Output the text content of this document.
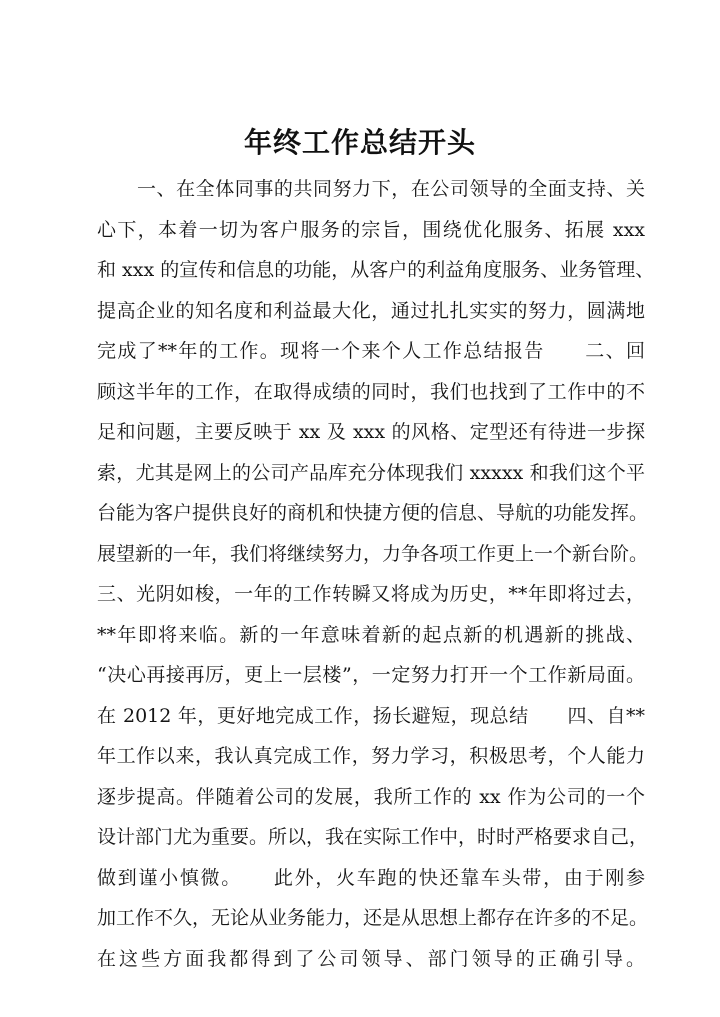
年终工作总结开头
一、在全体同事的共同努力下，在公司领导的全面支持、关
心下，本着一切为客户服务的宗旨，围绕优化服务、拓展 xxx
和 xxx 的宣传和信息的功能，从客户的利益角度服务、业务管理、
提高企业的知名度和利益最大化，通过扎扎实实的努力，圆满地
完成了**年的工作。现将一个来个人工作总结报告　　二、回
顾这半年的工作，在取得成绩的同时，我们也找到了工作中的不
足和问题，主要反映于 xx 及 xxx 的风格、定型还有待进一步探
索，尤其是网上的公司产品库充分体现我们 xxxxx 和我们这个平
台能为客户提供良好的商机和快捷方便的信息、导航的功能发挥。
展望新的一年，我们将继续努力，力争各项工作更上一个新台阶。
三、光阴如梭，一年的工作转瞬又将成为历史，**年即将过去，
**年即将来临。新的一年意味着新的起点新的机遇新的挑战、
“决心再接再厉，更上一层楼”，一定努力打开一个工作新局面。
在 2012 年，更好地完成工作，扬长避短，现总结　　四、自**
年工作以来，我认真完成工作，努力学习，积极思考，个人能力
逐步提高。伴随着公司的发展，我所工作的 xx 作为公司的一个
设计部门尤为重要。所以，我在实际工作中，时时严格要求自己，
做到谨小慎微。　　此外，火车跑的快还靠车头带，由于刚参
加工作不久，无论从业务能力，还是从思想上都存在许多的不足。
在这些方面我都得到了公司领导、部门领导的正确引导。
